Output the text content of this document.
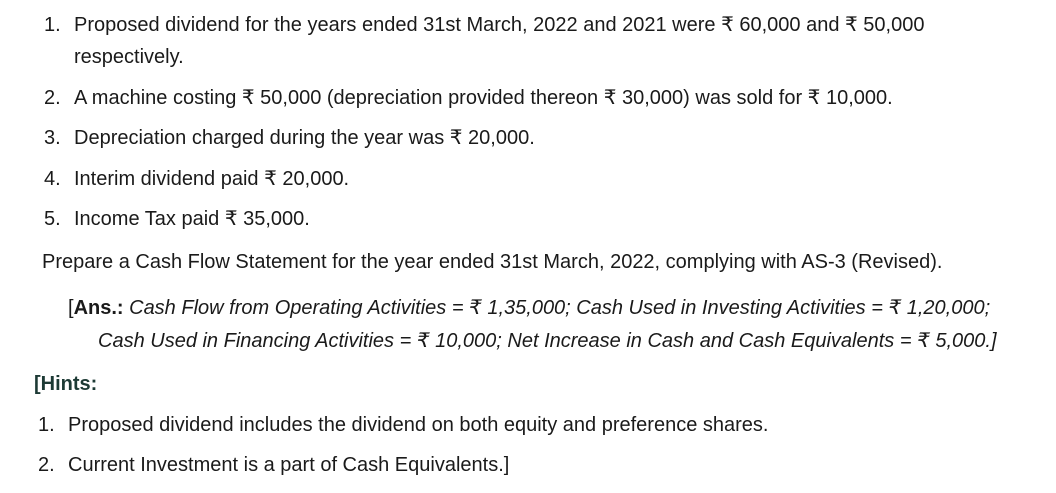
1. Proposed dividend for the years ended 31st March, 2022 and 2021 were ₹ 60,000 and ₹ 50,000
respectively.
2. A machine costing ₹ 50,000 (depreciation provided thereon ₹ 30,000) was sold for ₹ 10,000.
3. Depreciation charged during the year was ₹ 20,000.
4. Interim dividend paid ₹ 20,000.
5. Income Tax paid ₹ 35,000.
Prepare a Cash Flow Statement for the year ended 31st March, 2022, complying with AS-3 (Revised).
[Ans.: Cash Flow from Operating Activities = ₹ 1,35,000; Cash Used in Investing Activities = ₹ 1,20,000;
Cash Used in Financing Activities = ₹ 10,000; Net Increase in Cash and Cash Equivalents = ₹ 5,000.]
[Hints:
1. Proposed dividend includes the dividend on both equity and preference shares.
2. Current Investment is a part of Cash Equivalents.]
